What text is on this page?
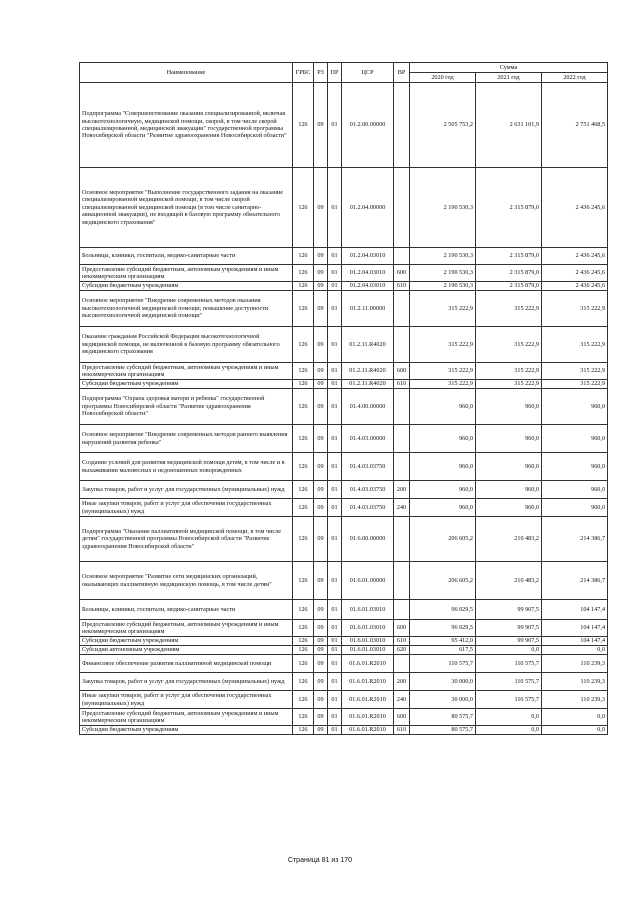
Наименование	ГРБС	РЗ	ПР	ЦСР	ВР	Сумма		
						2020 год	2021 год	2022 год
Подпрограмма "Совершенствование оказания специализированной, включая высокотехнологичную, медицинской помощи, скорой, в том числе скорой специализированной, медицинской эвакуации" государственной программы Новосибирской области "Развитие здравоохранения Новосибирской области"	126	09	01	01.2.00.00000		2 505 753,2	2 631 101,9	2 751 468,5
Основное мероприятие "Выполнение государственного задания на оказание специализированной медицинской помощи, в том числе скорой специализированной медицинской помощи (в том числе санитарно-авиационной эвакуации), не входящей в базовую программу обязательного медицинского страхования"	126	09	01	01.2.04.00000		2 190 530,3	2 315 879,0	2 436 245,6
Больницы, клиники, госпитали, медико-санитарные части	126	09	01	01.2.04.03010		2 190 530,3	2 315 879,0	2 436 245,6
Предоставление субсидий бюджетным, автономным учреждениям и иным некоммерческим организациям	126	09	01	01.2.04.03010	600	2 190 530,3	2 315 879,0	2 436 245,6
Субсидии бюджетным учреждениям	126	09	01	01.2.04.03010	610	2 190 530,3	2 315 879,0	2 436 245,6
Основное мероприятие "Внедрение современных методов оказания высокотехнологичной медицинской помощи; повышение доступности высокотехнологичной медицинской помощи"	126	09	01	01.2.11.00000		315 222,9	315 222,9	315 222,9
Оказание гражданам Российской Федерации высокотехнологичной медицинской помощи, не включенной в базовую программу обязательного медицинского страхования	126	09	01	01.2.11.R4020		315 222,9	315 222,9	315 222,9
Предоставление субсидий бюджетным, автономным учреждениям и иным некоммерческим организациям	126	09	01	01.2.11.R4020	600	315 222,9	315 222,9	315 222,9
Субсидии бюджетным учреждениям	126	09	01	01.2.11.R4020	610	315 222,9	315 222,9	315 222,9
Подпрограмма "Охрана здоровья матери и ребенка" государственной программы Новосибирской области "Развитие здравоохранения Новосибирской области"	126	09	01	01.4.00.00000		960,0	960,0	960,0
Основное мероприятие "Внедрение современных методов раннего выявления нарушений развития ребенка"	126	09	01	01.4.03.00000		960,0	960,0	960,0
Создание условий для развития медицинской помощи детям, в том числе и в выхаживании маловесных и недоношенных новорожденных	126	09	01	01.4.03.03750		960,0	960,0	960,0
Закупка товаров, работ и услуг для государственных (муниципальных) нужд	126	09	01	01.4.03.03750	200	960,0	960,0	960,0
Иные закупки товаров, работ и услуг для обеспечения государственных (муниципальных) нужд	126	09	01	01.4.03.03750	240	960,0	960,0	960,0
Подпрограмма "Оказание паллиативной медицинской помощи, в том числе детям" государственной программы Новосибирской области "Развитие здравоохранения Новосибирской области"	126	09	01	01.6.00.00000		206 605,2	210 483,2	214 386,7
Основное мероприятие "Развитие сети медицинских организаций, оказывающих паллиативную медицинскую помощь, в том числе детям"	126	09	01	01.6.01.00000		206 605,2	210 483,2	214 386,7
Больницы, клиники, госпитали, медико-санитарные части	126	09	01	01.6.01.03010		96 029,5	99 907,5	104 147,4
Предоставление субсидий бюджетным, автономным учреждениям и иным некоммерческим организациям	126	09	01	01.6.01.03010	600	96 029,5	99 907,5	104 147,4
Субсидии бюджетным учреждениям	126	09	01	01.6.01.03010	610	95 412,0	99 907,5	104 147,4
Субсидии автономным учреждениям	126	09	01	01.6.01.03010	620	617,5	0,0	0,0
Финансовое обеспечение развития паллиативной медицинской помощи	126	09	01	01.6.01.R2010		110 575,7	110 575,7	110 239,3
Закупка товаров, работ и услуг для государственных (муниципальных) нужд	126	09	01	01.6.01.R2010	200	30 000,0	110 575,7	110 239,3
Иные закупки товаров, работ и услуг для обеспечения государственных (муниципальных) нужд	126	09	01	01.6.01.R2010	240	30 000,0	110 575,7	110 239,3
Предоставление субсидий бюджетным, автономным учреждениям и иным некоммерческим организациям	126	09	01	01.6.01.R2010	600	80 575,7	0,0	0,0
Субсидии бюджетным учреждениям	126	09	01	01.6.01.R2010	610	80 575,7	0,0	0,0
Страница 81 из 170
